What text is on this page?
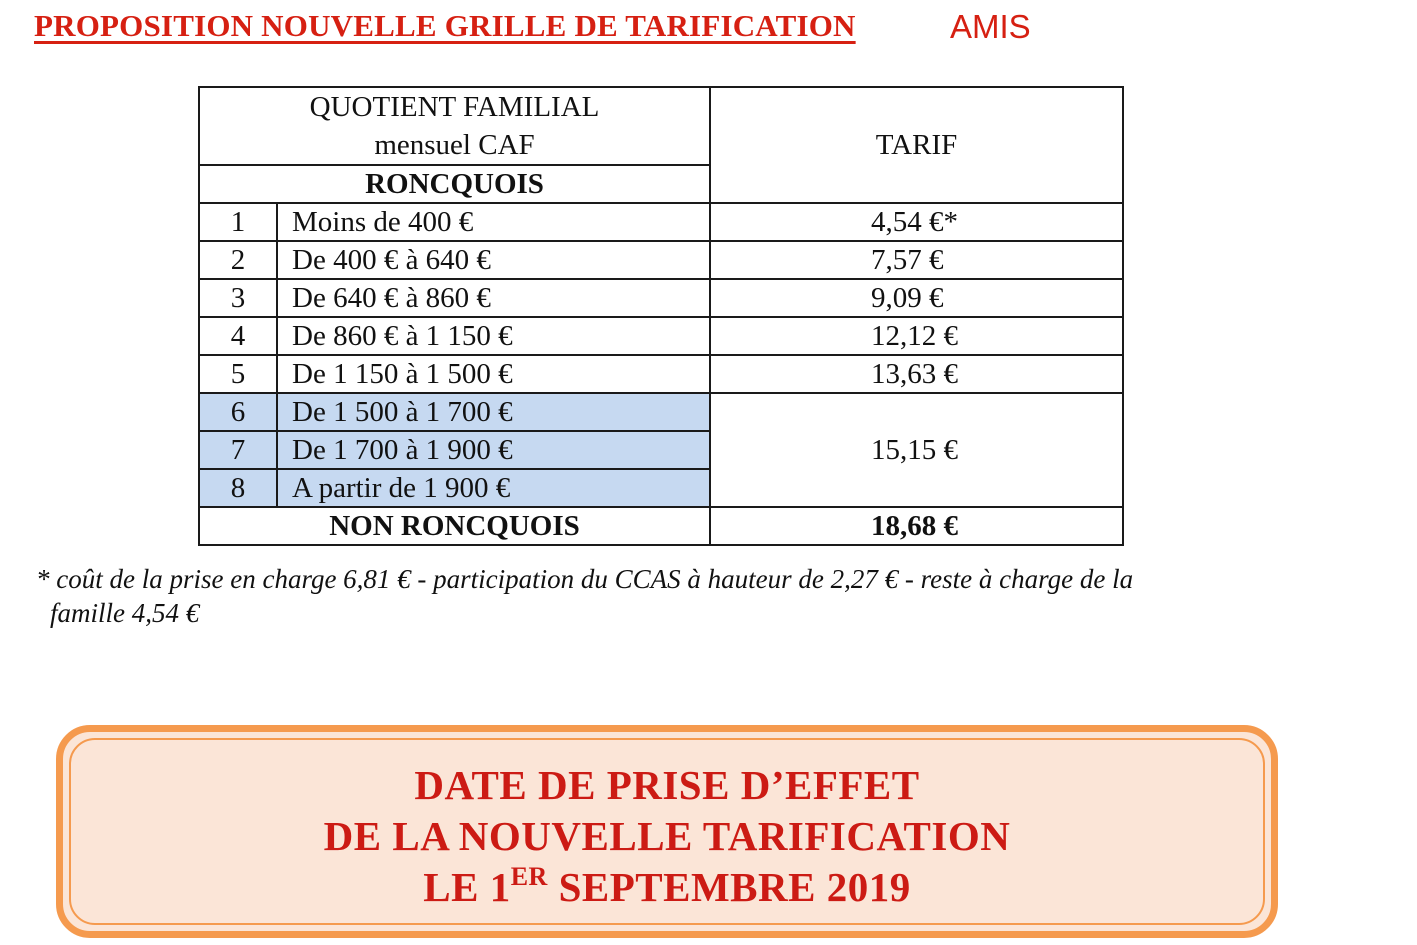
PROPOSITION NOUVELLE GRILLE DE TARIFICATION	AMIS
QUOTIENT FAMILIAL
mensuel CAF		TARIF
RONCQUOIS		
1	Moins de 400 €	4,54 €*
2	De 400 € à 640 €	7,57 €
3	De 640 € à 860 €	9,09 €
4	De 860 € à 1 150 €	12,12 €
5	De 1 150 à 1 500 €	13,63 €
6	De 1 500 à 1 700 €	15,15 €
7	De 1 700 à 1 900 €	
8	A partir de 1 900 €	
NON RONCQUOIS		18,68 €
* coût de la prise en charge 6,81 € - participation du CCAS à hauteur de 2,27 € - reste à charge de la
famille 4,54 €
DATE DE PRISE D’EFFET
DE LA NOUVELLE TARIFICATION
LE 1ER SEPTEMBRE 2019
